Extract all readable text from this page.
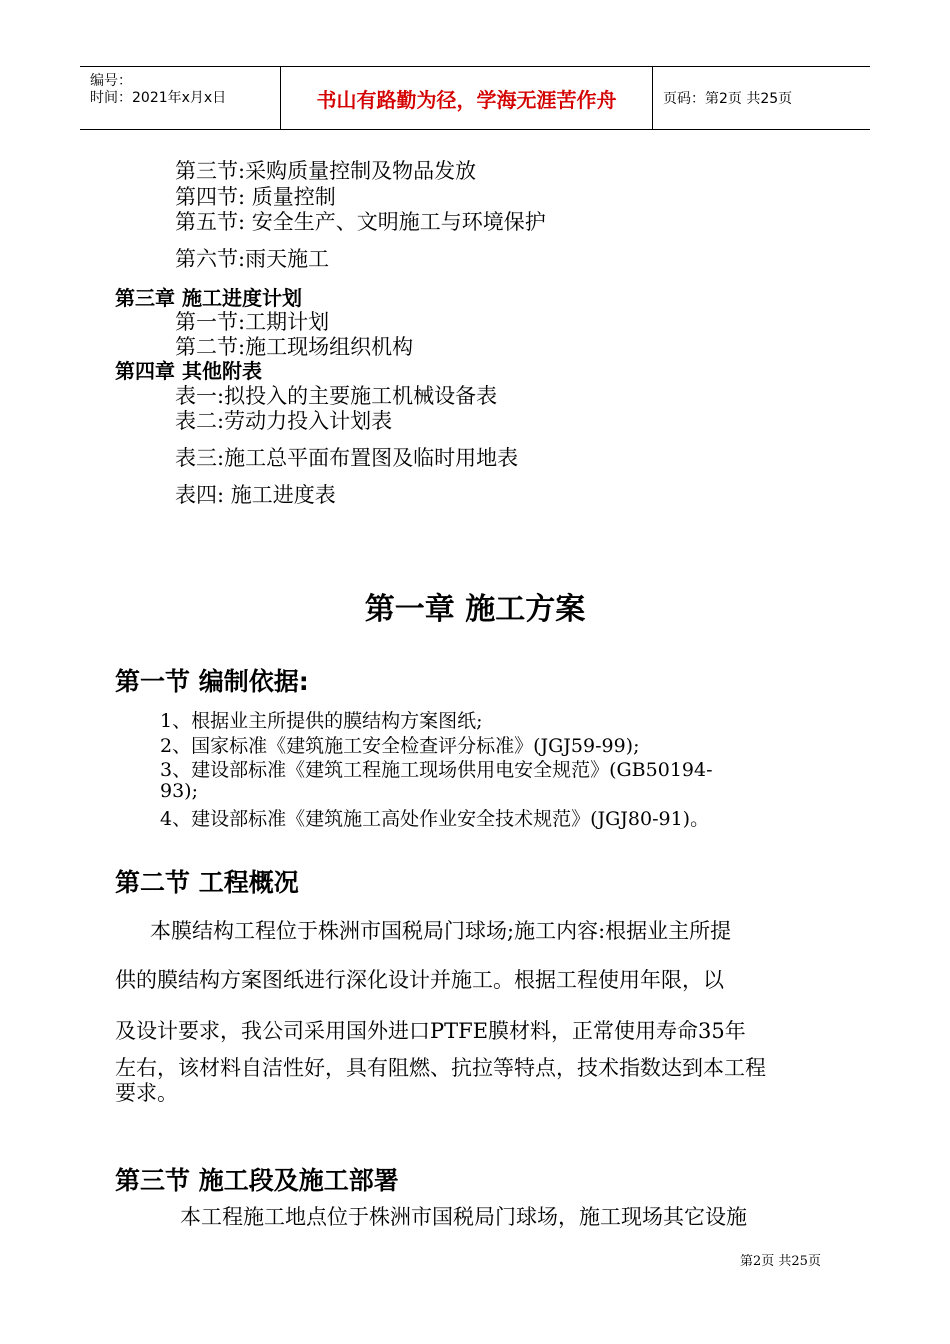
编号：
时间：2021年x月x日	书山有路勤为径，学海无涯苦作舟	页码：第2页 共25页
第三节:采购质量控制及物品发放
第四节: 质量控制
第五节: 安全生产、文明施工与环境保护
第六节:雨天施工
第三章 施工进度计划
第一节:工期计划
第二节:施工现场组织机构
第四章 其他附表
表一:拟投入的主要施工机械设备表
表二:劳动力投入计划表
表三:施工总平面布置图及临时用地表
表四: 施工进度表
第一章 施工方案
第一节 编制依据:
1、根据业主所提供的膜结构方案图纸;
2、国家标准《建筑施工安全检查评分标准》(JGJ59-99);
3、建设部标准《建筑工程施工现场供用电安全规范》(GB50194-
93);
4、建设部标准《建筑施工高处作业安全技术规范》(JGJ80-91)。
第二节 工程概况
本膜结构工程位于株洲市国税局门球场;施工内容:根据业主所提
供的膜结构方案图纸进行深化设计并施工。根据工程使用年限，以
及设计要求，我公司采用国外进口PTFE膜材料，正常使用寿命35年
左右，该材料自洁性好，具有阻燃、抗拉等特点，技术指数达到本工程
要求。
第三节 施工段及施工部署
本工程施工地点位于株洲市国税局门球场，施工现场其它设施
第2页 共25页
